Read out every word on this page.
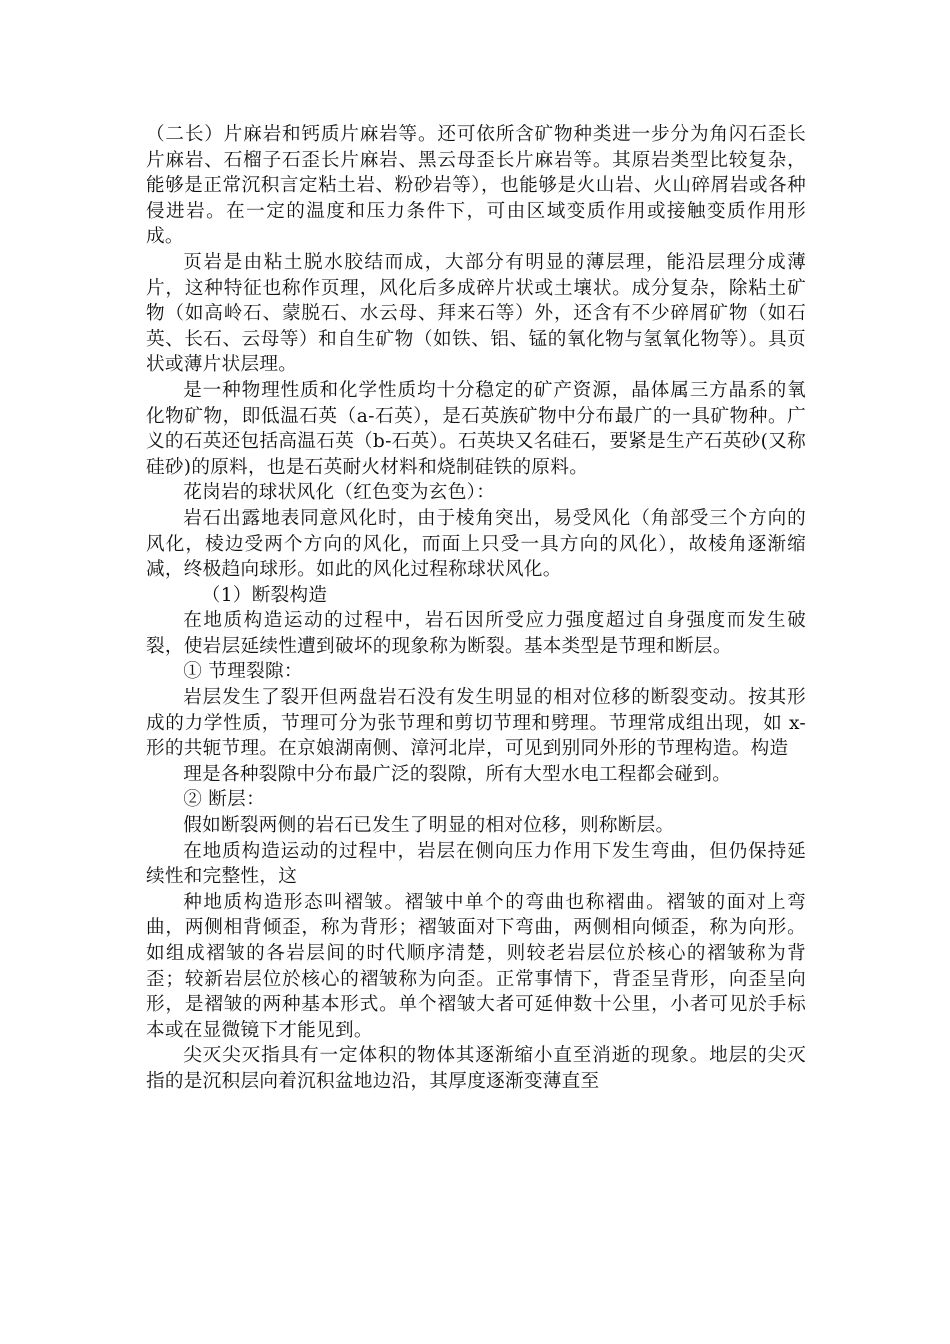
（二长）片麻岩和钙质片麻岩等。还可依所含矿物种类进一步分为角闪石歪长片麻岩、石榴子石歪长片麻岩、黑云母歪长片麻岩等。其原岩类型比较复杂，能够是正常沉积言定粘土岩、粉砂岩等），也能够是火山岩、火山碎屑岩或各种侵进岩。在一定的温度和压力条件下，可由区域变质作用或接触变质作用形成。

页岩是由粘土脱水胶结而成，大部分有明显的薄层理，能沿层理分成薄片，这种特征也称作页理，风化后多成碎片状或土壤状。成分复杂，除粘土矿物（如高岭石、蒙脱石、水云母、拜来石等）外，还含有不少碎屑矿物（如石英、长石、云母等）和自生矿物（如铁、铝、锰的氧化物与氢氧化物等）。具页状或薄片状层理。

是一种物理性质和化学性质均十分稳定的矿产资源，晶体属三方晶系的氧化物矿物，即低温石英（a-石英），是石英族矿物中分布最广的一具矿物种。广义的石英还包括高温石英（b-石英）。石英块又名硅石，要紧是生产石英砂(又称硅砂)的原料，也是石英耐火材料和烧制硅铁的原料。

花岗岩的球状风化（红色变为玄色）：

岩石出露地表同意风化时，由于棱角突出，易受风化（角部受三个方向的风化，棱边受两个方向的风化，而面上只受一具方向的风化），故棱角逐渐缩减，终极趋向球形。如此的风化过程称球状风化。

（1）断裂构造

在地质构造运动的过程中，岩石因所受应力强度超过自身强度而发生破裂，使岩层延续性遭到破坏的现象称为断裂。基本类型是节理和断层。

① 节理裂隙：

岩层发生了裂开但两盘岩石没有发生明显的相对位移的断裂变动。按其形成的力学性质，节理可分为张节理和剪切节理和劈理。节理常成组出现，如 x-形的共轭节理。在京娘湖南侧、漳河北岸，可见到别同外形的节理构造。构造

理是各种裂隙中分布最广泛的裂隙，所有大型水电工程都会碰到。

② 断层：

假如断裂两侧的岩石已发生了明显的相对位移，则称断层。

在地质构造运动的过程中，岩层在侧向压力作用下发生弯曲，但仍保持延续性和完整性，这

种地质构造形态叫褶皱。褶皱中单个的弯曲也称褶曲。褶皱的面对上弯曲，两侧相背倾歪，称为背形；褶皱面对下弯曲，两侧相向倾歪，称为向形。如组成褶皱的各岩层间的时代顺序清楚，则较老岩层位於核心的褶皱称为背歪；较新岩层位於核心的褶皱称为向歪。正常事情下，背歪呈背形，向歪呈向形，是褶皱的两种基本形式。单个褶皱大者可延伸数十公里，小者可见於手标本或在显微镜下才能见到。

尖灭尖灭指具有一定体积的物体其逐渐缩小直至消逝的现象。地层的尖灭指的是沉积层向着沉积盆地边沿，其厚度逐渐变薄直至
